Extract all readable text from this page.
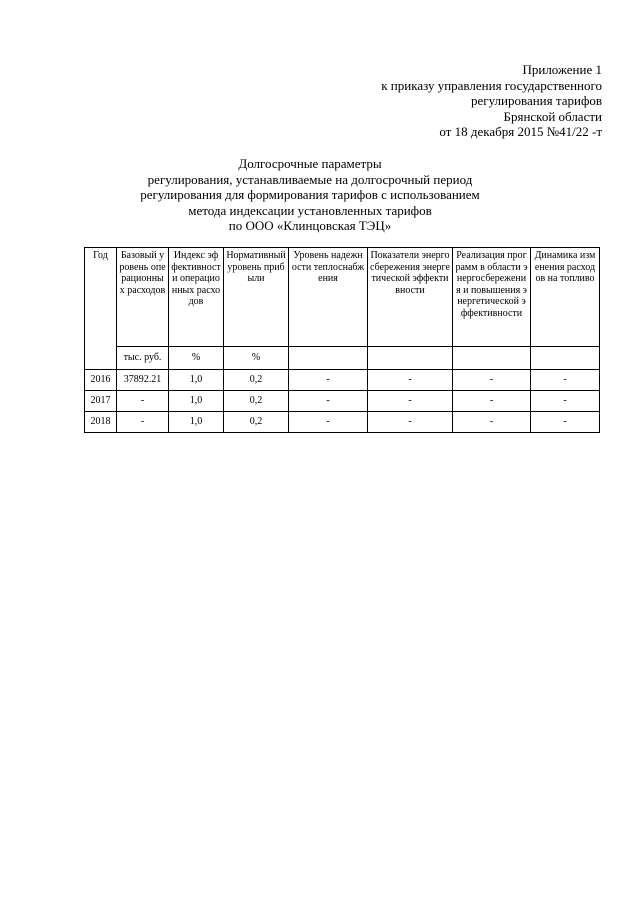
Приложение 1
к приказу управления государственного
регулирования тарифов
Брянской области
от 18 декабря 2015 №41/22 -т
Долгосрочные параметры
регулирования, устанавливаемые на долгосрочный период
регулирования для формирования тарифов с использованием
метода индексации установленных тарифов
по ООО «Клинцовская ТЭЦ»
Год	Базовый уровень операционных расходов	Индекс эффективности операционных расходов	Нормативный уровень прибыли	Уровень надежности теплоснабжения	Показатели энергосбережения энергетической эффективности	Реализация программ в области энергосбережения и повышения энергетической эффективности	Динамика изменения расходов на топливо
	тыс. руб.	%	%				
2016	37892.21	1,0	0,2	-	-	-	-
2017	-	1,0	0,2	-	-	-	-
2018	-	1,0	0,2	-	-	-	-
